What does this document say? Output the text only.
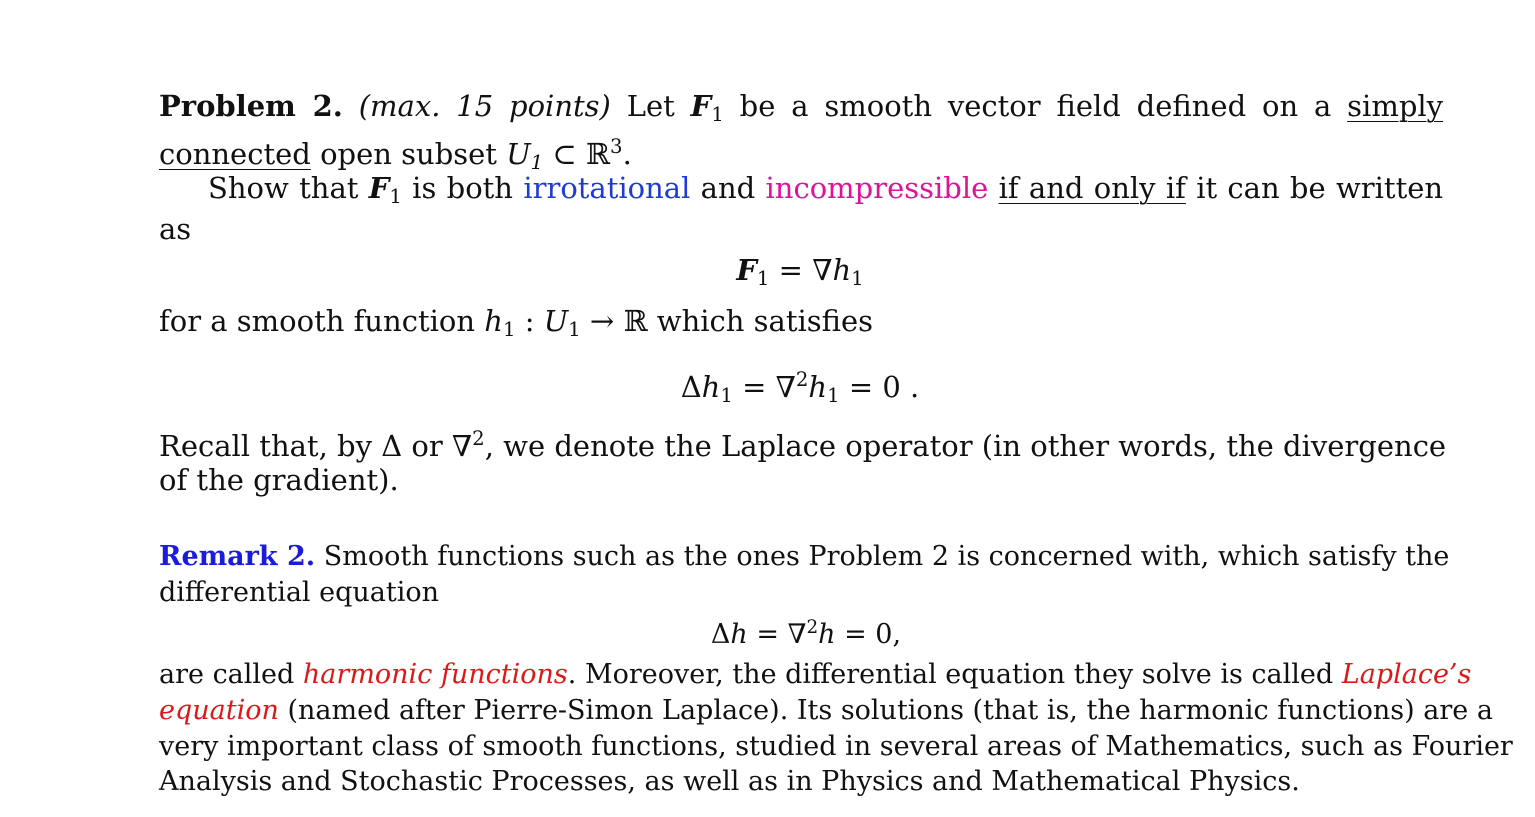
Problem 2. (max. 15 points) Let $F_1$ be a smooth vector field defined on a simply
connected open subset $U_1$ ⊂ ℝ$^3$.
Show that $F_1$ is both irrotational and incompressible if and only if it can be written
as
$F_1 = \nabla h_1$
for a smooth function $h_1$ : $U_1$ → ℝ which satisfies
$\Delta h_1 = \nabla^2h_1 = 0$ .
Recall that, by Δ or ∇$^2$, we denote the Laplace operator (in other words, the divergence
of the gradient).
Remark 2. Smooth functions such as the ones Problem 2 is concerned with, which satisfy the
differential equation
Δh = ∇$^2$h = 0,
are called harmonic functions. Moreover, the differential equation they solve is called Laplace’s
equation (named after Pierre-Simon Laplace). Its solutions (that is, the harmonic functions) are a
very important class of smooth functions, studied in several areas of Mathematics, such as Fourier
Analysis and Stochastic Processes, as well as in Physics and Mathematical Physics.
